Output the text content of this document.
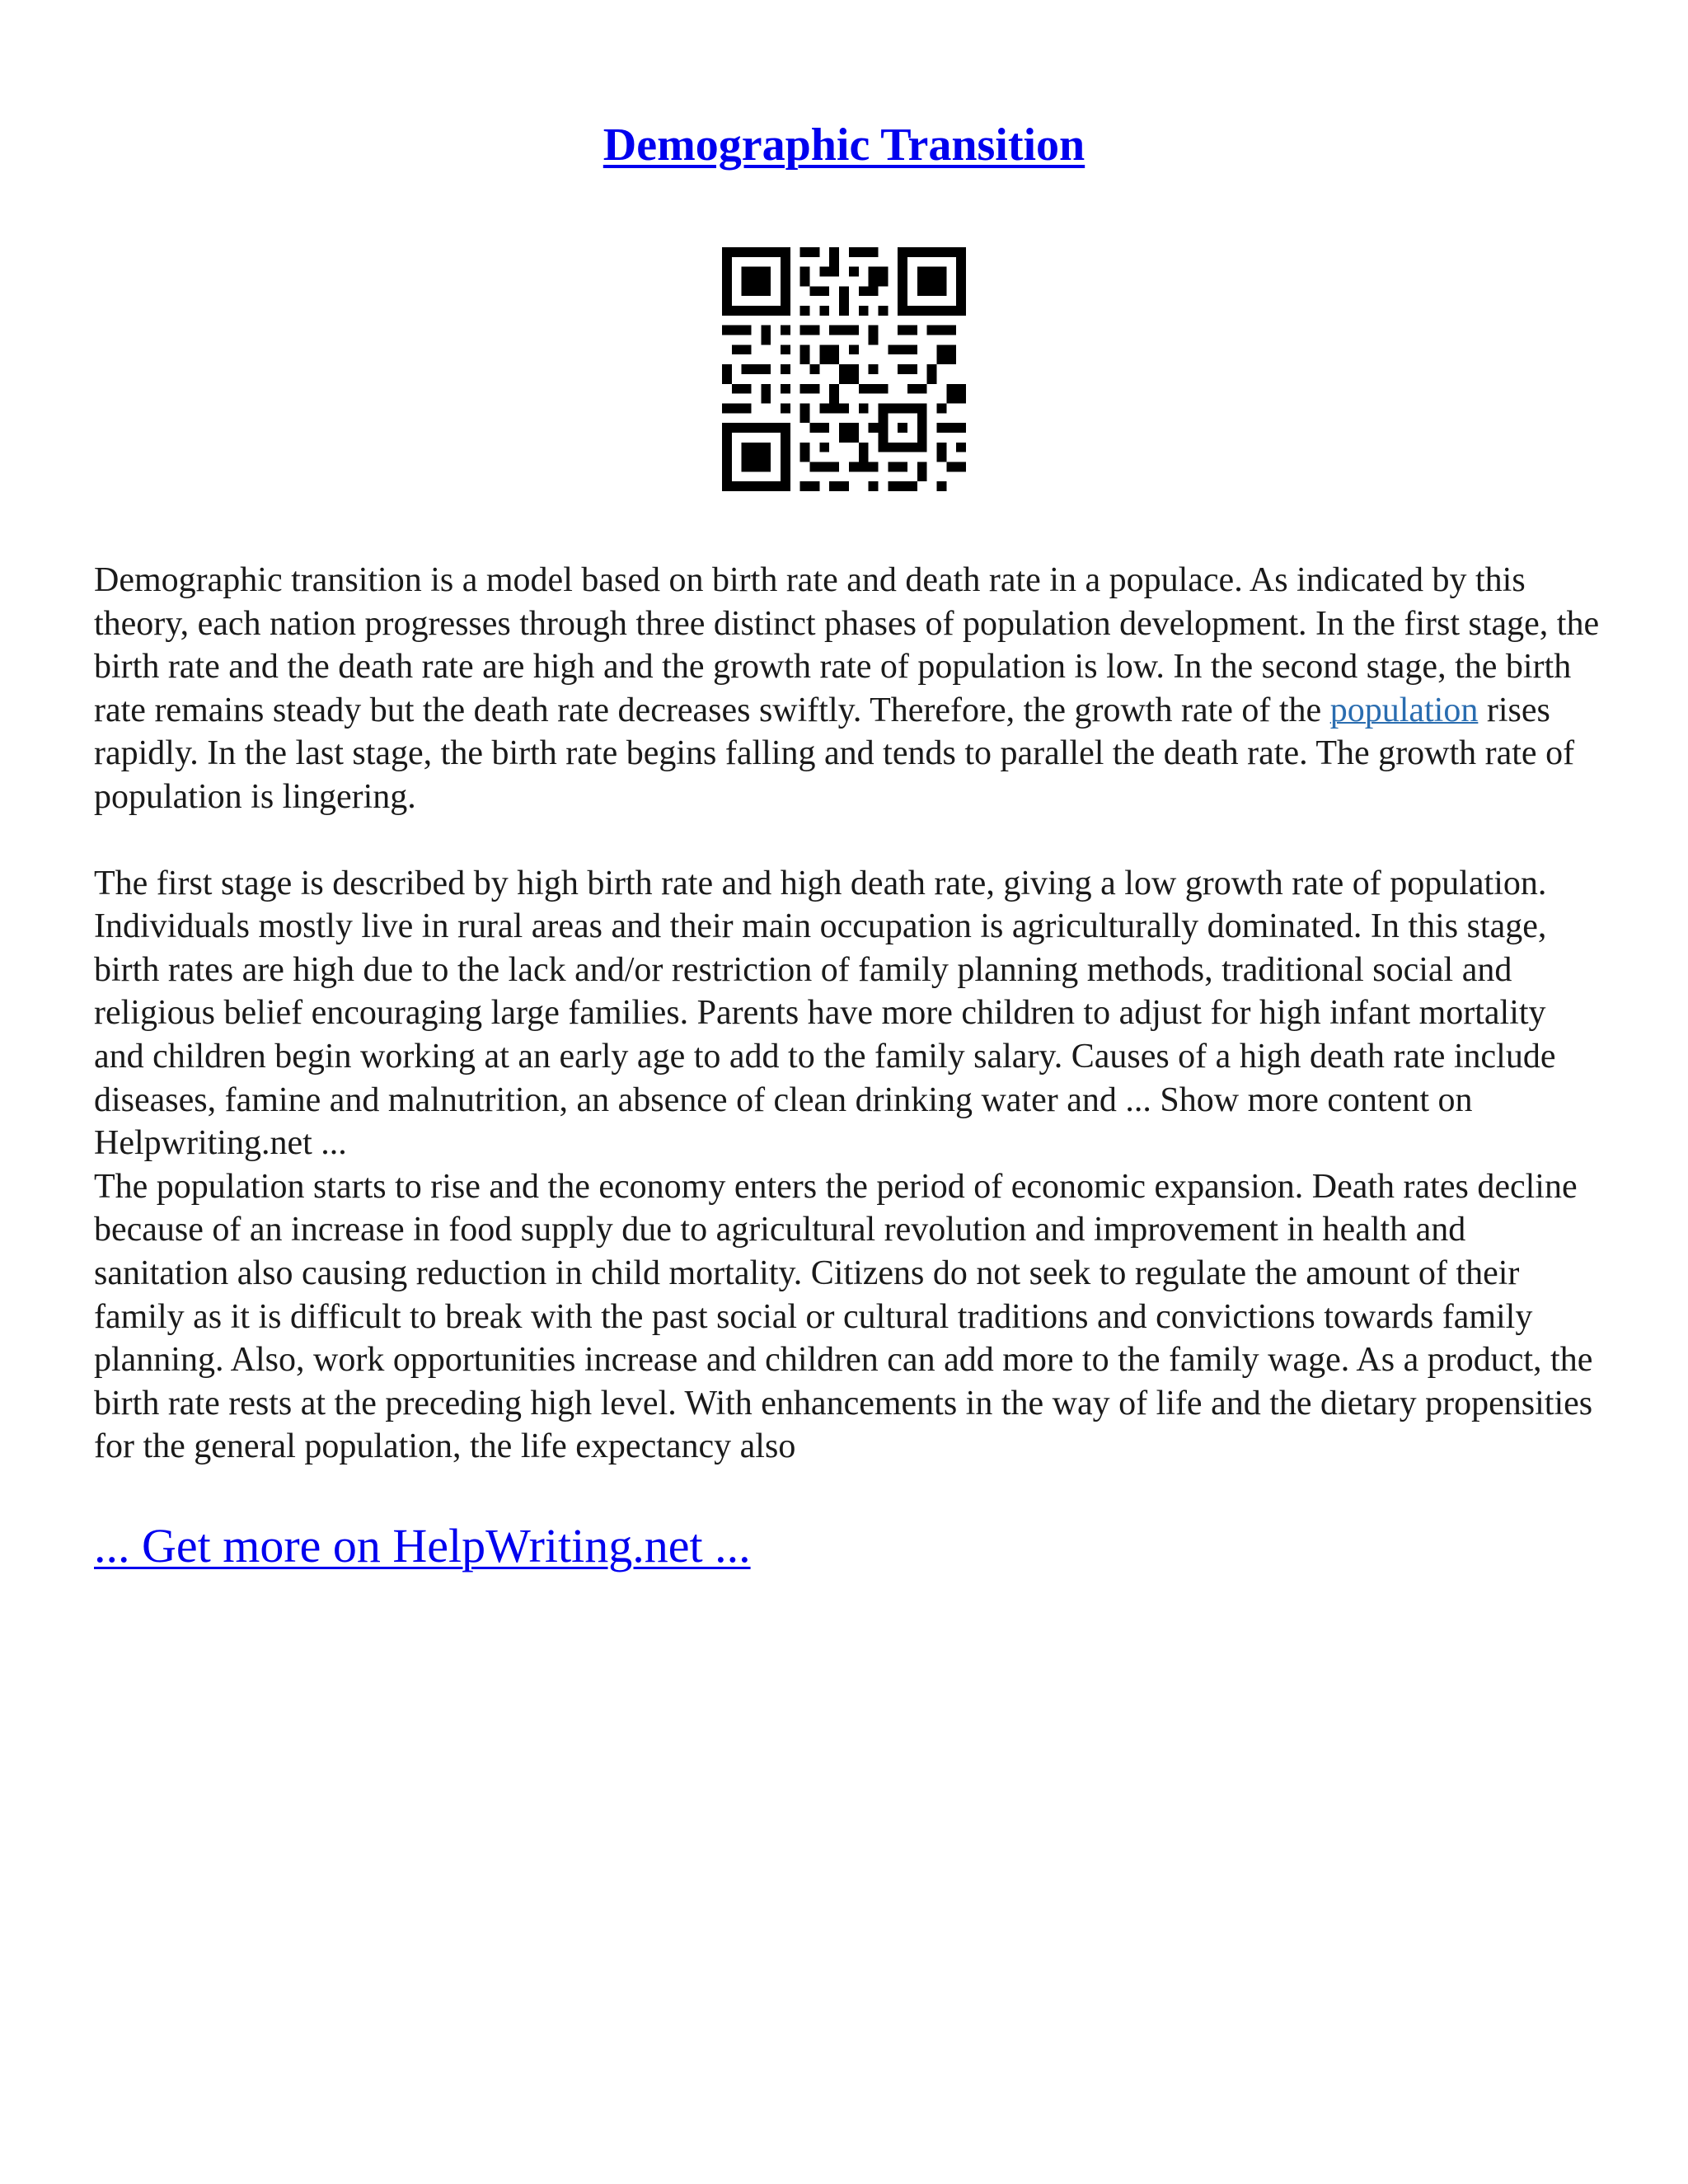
Demographic Transition

Demographic transition is a model based on birth rate and death rate in a populace. As indicated by this theory, each nation progresses through three distinct phases of population development. In the first stage, the birth rate and the death rate are high and the growth rate of population is low. In the second stage, the birth rate remains steady but the death rate decreases swiftly. Therefore, the growth rate of the population rises rapidly. In the last stage, the birth rate begins falling and tends to parallel the death rate. The growth rate of population is lingering.

The first stage is described by high birth rate and high death rate, giving a low growth rate of population. Individuals mostly live in rural areas and their main occupation is agriculturally dominated. In this stage, birth rates are high due to the lack and/or restriction of family planning methods, traditional social and religious belief encouraging large families. Parents have more children to adjust for high infant mortality and children begin working at an early age to add to the family salary. Causes of a high death rate include diseases, famine and malnutrition, an absence of clean drinking water and ... Show more content on Helpwriting.net ...

The population starts to rise and the economy enters the period of economic expansion. Death rates decline because of an increase in food supply due to agricultural revolution and improvement in health and sanitation also causing reduction in child mortality. Citizens do not seek to regulate the amount of their family as it is difficult to break with the past social or cultural traditions and convictions towards family planning. Also, work opportunities increase and children can add more to the family wage. As a product, the birth rate rests at the preceding high level. With enhancements in the way of life and the dietary propensities for the general population, the life expectancy also

... Get more on HelpWriting.net ...
